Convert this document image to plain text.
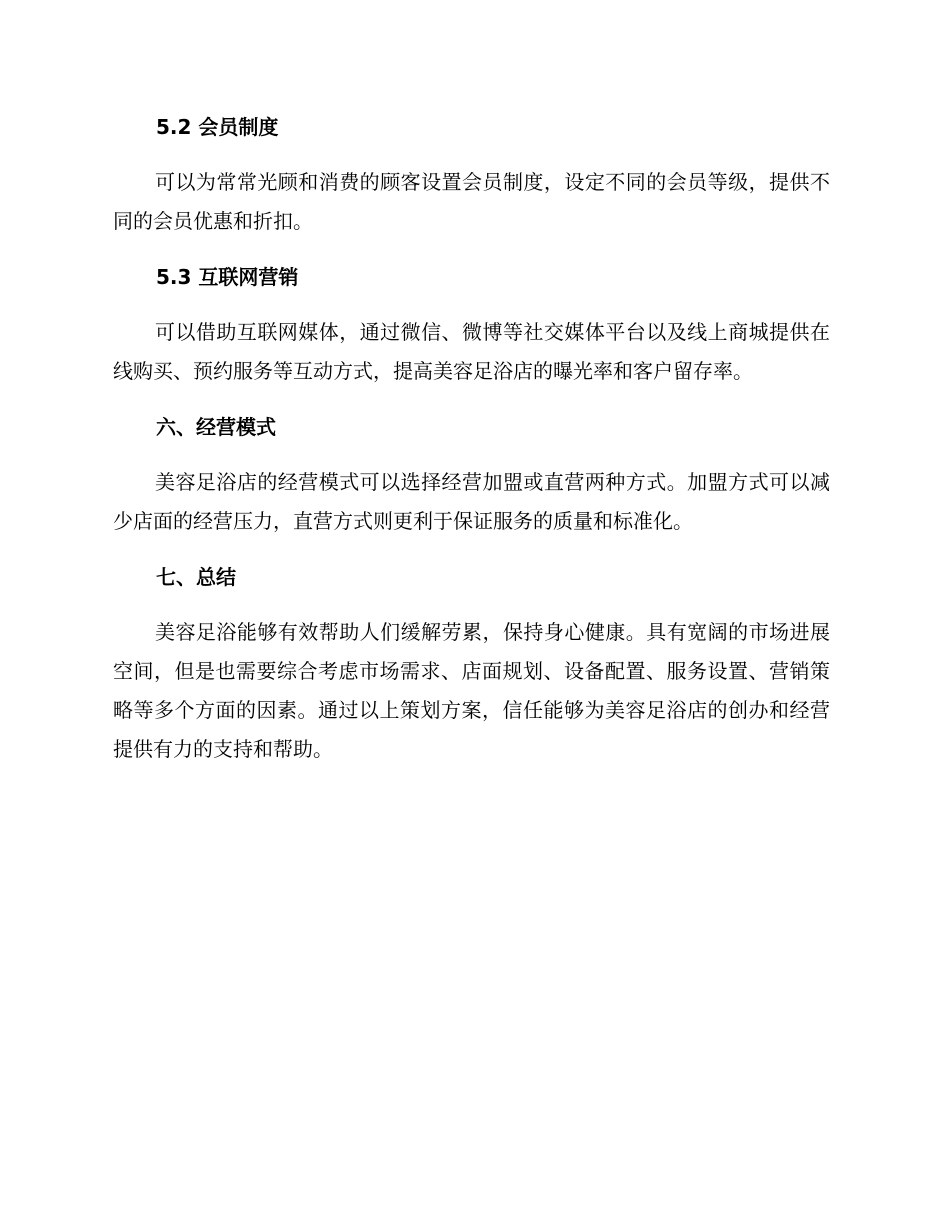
5.2 会员制度

可以为常常光顾和消费的顾客设置会员制度，设定不同的会员等级，提供不同的会员优惠和折扣。

5.3 互联网营销

可以借助互联网媒体，通过微信、微博等社交媒体平台以及线上商城提供在线购买、预约服务等互动方式，提高美容足浴店的曝光率和客户留存率。

六、经营模式

美容足浴店的经营模式可以选择经营加盟或直营两种方式。加盟方式可以减少店面的经营压力，直营方式则更利于保证服务的质量和标准化。

七、总结

美容足浴能够有效帮助人们缓解劳累，保持身心健康。具有宽阔的市场进展空间，但是也需要综合考虑市场需求、店面规划、设备配置、服务设置、营销策略等多个方面的因素。通过以上策划方案，信任能够为美容足浴店的创办和经营提供有力的支持和帮助。
